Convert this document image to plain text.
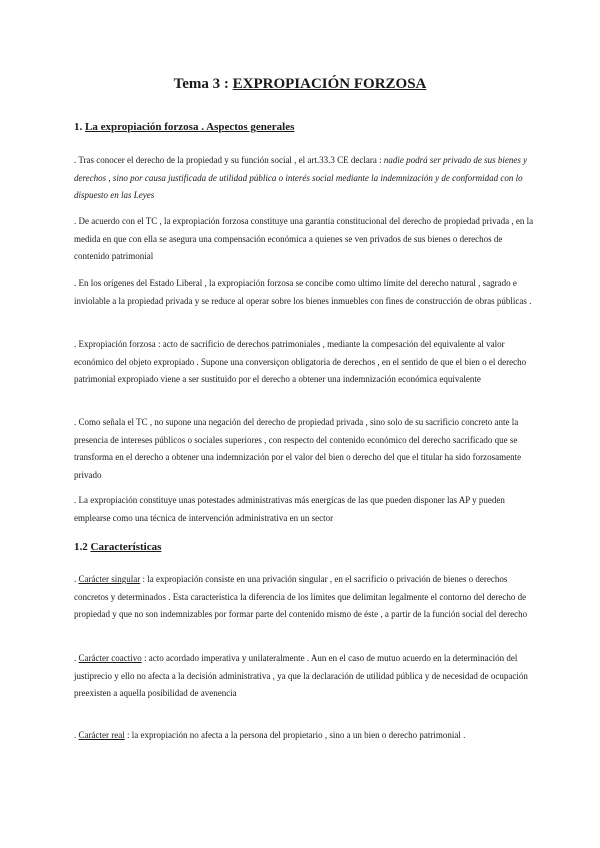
Tema 3 : EXPROPIACIÓN FORZOSA
1. La expropiación forzosa . Aspectos generales
. Tras conocer el derecho de la propiedad y su función social , el art.33.3 CE declara : nadie podrá ser privado de sus bienes y derechos , sino por causa justificada de utilidad pública o interés social mediante la indemnización y de conformidad con lo dispuesto en las Leyes
. De acuerdo con el TC , la expropiación forzosa constituye una garantía constitucional del derecho de propiedad privada , en la medida en que con ella se asegura una compensación económica a quienes se ven privados de sus bienes o derechos de contenido patrimonial
. En los orígenes del Estado Liberal , la expropiación forzosa se concibe como ultimo límite del derecho natural , sagrado e inviolable a la propiedad privada y se reduce al operar sobre los bienes inmuebles con fines de construcción de obras públicas .
. Expropiación forzosa : acto de sacrificio de derechos patrimoniales , mediante la compesación del equivalente al valor económico del objeto expropiado . Supone una conversiçon obligatoria de derechos , en el sentido de que el bien o el derecho patrimonial expropiado viene a ser sustituido por el derecho a obtener una indemnización económica equivalente
. Como señala el TC , no supone una negación del derecho de propiedad privada , sino solo de su sacrificio concreto ante la presencia de intereses públicos o sociales superiores , con respecto del contenido económico del derecho sacrificado que se transforma en el derecho a obtener una indemnización por el valor del bien o derecho del que el titular ha sido forzosamente privado
. La expropiación constituye unas potestades administrativas más energícas de las que pueden disponer las AP y pueden emplearse como una técnica de intervención administrativa en un sector
1.2 Características
. Carácter singular : la expropiación consiste en una privación singular , en el sacrificio o privación de bienes o derechos concretos y determinados . Esta característica la diferencia de los límites que delimitan legalmente el contorno del derecho de propiedad y que no son indemnizables por formar parte del contenido mismo de éste , a partir de la función social del derecho
. Carácter coactivo : acto acordado imperativa y unilateralmente . Aun en el caso de mutuo acuerdo en la determinación del justiprecio y ello no afecta a la decisión administrativa , ya que la declaración de utilidad pública y de necesidad de ocupación preexisten a aquella posibilidad de avenencia
. Carácter real : la expropiación no afecta a la persona del propietario , sino a un bien o derecho patrimonial .
